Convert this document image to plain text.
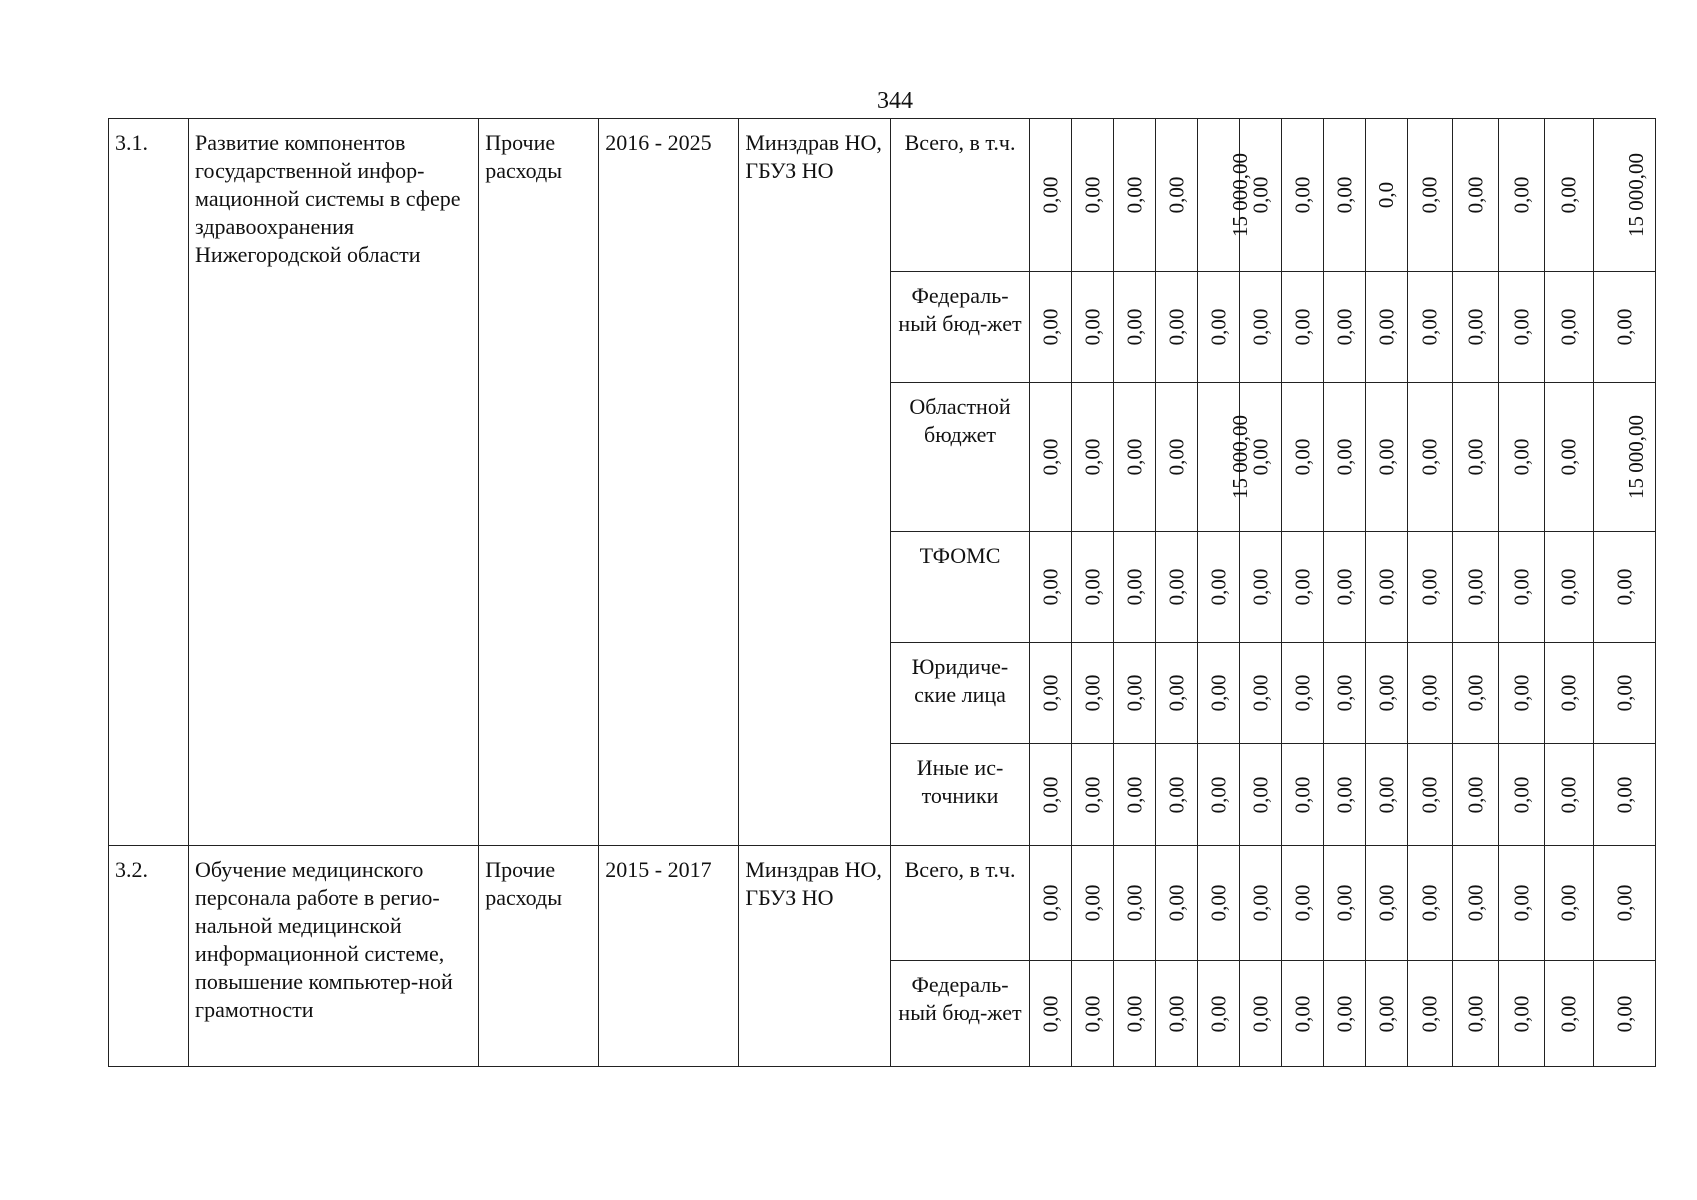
344
3.1.	Развитие компонентов государственной инфор-мационной системы в сфере здравоохранения Нижегородской области	Прочие расходы	2016 - 2025	Минздрав НО, ГБУЗ НО	Всего, в т.ч.	0,00	0,00	0,00	0,00	15 000,00	0,00	0,00	0,00	0,0	0,00	0,00	0,00	0,00	15 000,00
					Федераль-ный бюд-жет	0,00	0,00	0,00	0,00	0,00	0,00	0,00	0,00	0,00	0,00	0,00	0,00	0,00	0,00
					Областной бюджет	0,00	0,00	0,00	0,00	15 000,00	0,00	0,00	0,00	0,00	0,00	0,00	0,00	0,00	15 000,00
					ТФОМС	0,00	0,00	0,00	0,00	0,00	0,00	0,00	0,00	0,00	0,00	0,00	0,00	0,00	0,00
					Юридиче-ские лица	0,00	0,00	0,00	0,00	0,00	0,00	0,00	0,00	0,00	0,00	0,00	0,00	0,00	0,00
					Иные ис-точники	0,00	0,00	0,00	0,00	0,00	0,00	0,00	0,00	0,00	0,00	0,00	0,00	0,00	0,00
3.2.	Обучение медицинского персонала работе в регио-нальной медицинской информационной системе, повышение компьютер-ной грамотности	Прочие расходы	2015 - 2017	Минздрав НО, ГБУЗ НО	Всего, в т.ч.	0,00	0,00	0,00	0,00	0,00	0,00	0,00	0,00	0,00	0,00	0,00	0,00	0,00	0,00
					Федераль-ный бюд-жет	0,00	0,00	0,00	0,00	0,00	0,00	0,00	0,00	0,00	0,00	0,00	0,00	0,00	0,00
